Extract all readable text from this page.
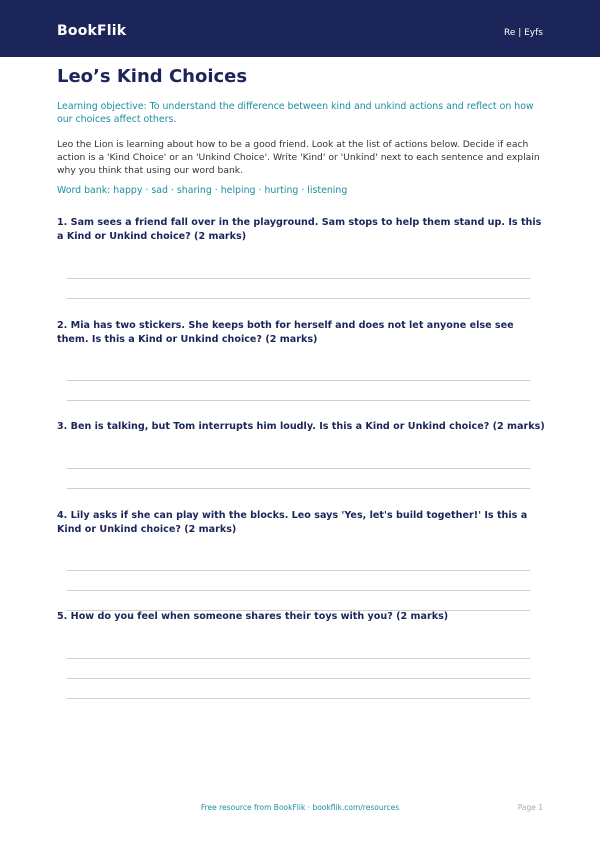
BookFlik	Re | Eyfs
Leo’s Kind Choices
Learning objective: To understand the difference between kind and unkind actions and reflect on how our choices affect others.
Leo the Lion is learning about how to be a good friend. Look at the list of actions below. Decide if each action is a 'Kind Choice' or an 'Unkind Choice'. Write 'Kind' or 'Unkind' next to each sentence and explain why you think that using our word bank.
Word bank: happy · sad · sharing · helping · hurting · listening
1. Sam sees a friend fall over in the playground. Sam stops to help them stand up. Is this a Kind or Unkind choice? (2 marks)
2. Mia has two stickers. She keeps both for herself and does not let anyone else see them. Is this a Kind or Unkind choice? (2 marks)
3. Ben is talking, but Tom interrupts him loudly. Is this a Kind or Unkind choice? (2 marks)
4. Lily asks if she can play with the blocks. Leo says 'Yes, let's build together!' Is this a Kind or Unkind choice? (2 marks)
5. How do you feel when someone shares their toys with you? (2 marks)
Free resource from BookFlik · bookflik.com/resources	Page 1
